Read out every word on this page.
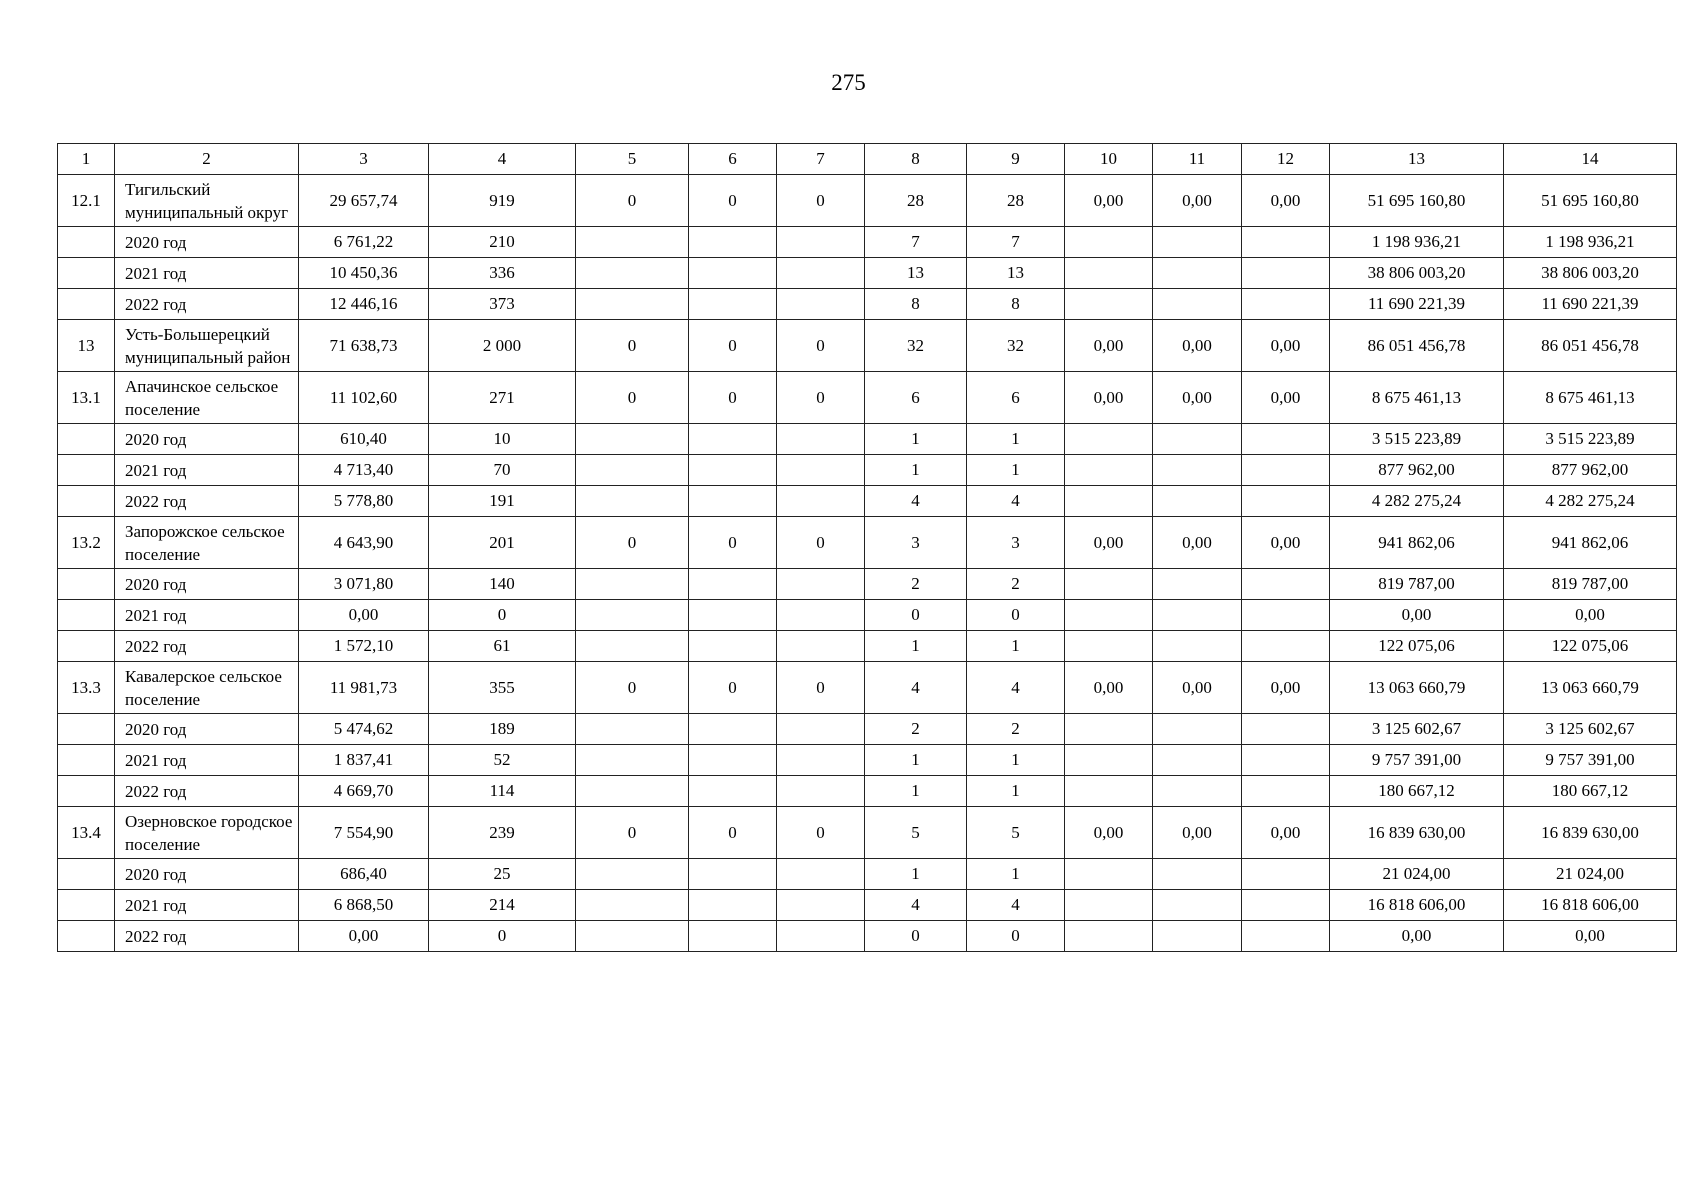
275
1	2	3	4	5	6	7	8	9	10	11	12	13	14
12.1	Тигильский муниципальный округ	29 657,74	919	0	0	0	28	28	0,00	0,00	0,00	51 695 160,80	51 695 160,80
	2020 год	6 761,22	210				7	7				1 198 936,21	1 198 936,21
	2021 год	10 450,36	336				13	13				38 806 003,20	38 806 003,20
	2022 год	12 446,16	373				8	8				11 690 221,39	11 690 221,39
13	Усть-Большерецкий муниципальный район	71 638,73	2 000	0	0	0	32	32	0,00	0,00	0,00	86 051 456,78	86 051 456,78
13.1	Апачинское сельское поселение	11 102,60	271	0	0	0	6	6	0,00	0,00	0,00	8 675 461,13	8 675 461,13
	2020 год	610,40	10				1	1				3 515 223,89	3 515 223,89
	2021 год	4 713,40	70				1	1				877 962,00	877 962,00
	2022 год	5 778,80	191				4	4				4 282 275,24	4 282 275,24
13.2	Запорожское сельское поселение	4 643,90	201	0	0	0	3	3	0,00	0,00	0,00	941 862,06	941 862,06
	2020 год	3 071,80	140				2	2				819 787,00	819 787,00
	2021 год	0,00	0				0	0				0,00	0,00
	2022 год	1 572,10	61				1	1				122 075,06	122 075,06
13.3	Кавалерское сельское поселение	11 981,73	355	0	0	0	4	4	0,00	0,00	0,00	13 063 660,79	13 063 660,79
	2020 год	5 474,62	189				2	2				3 125 602,67	3 125 602,67
	2021 год	1 837,41	52				1	1				9 757 391,00	9 757 391,00
	2022 год	4 669,70	114				1	1				180 667,12	180 667,12
13.4	Озерновское городское поселение	7 554,90	239	0	0	0	5	5	0,00	0,00	0,00	16 839 630,00	16 839 630,00
	2020 год	686,40	25				1	1				21 024,00	21 024,00
	2021 год	6 868,50	214				4	4				16 818 606,00	16 818 606,00
	2022 год	0,00	0				0	0				0,00	0,00
